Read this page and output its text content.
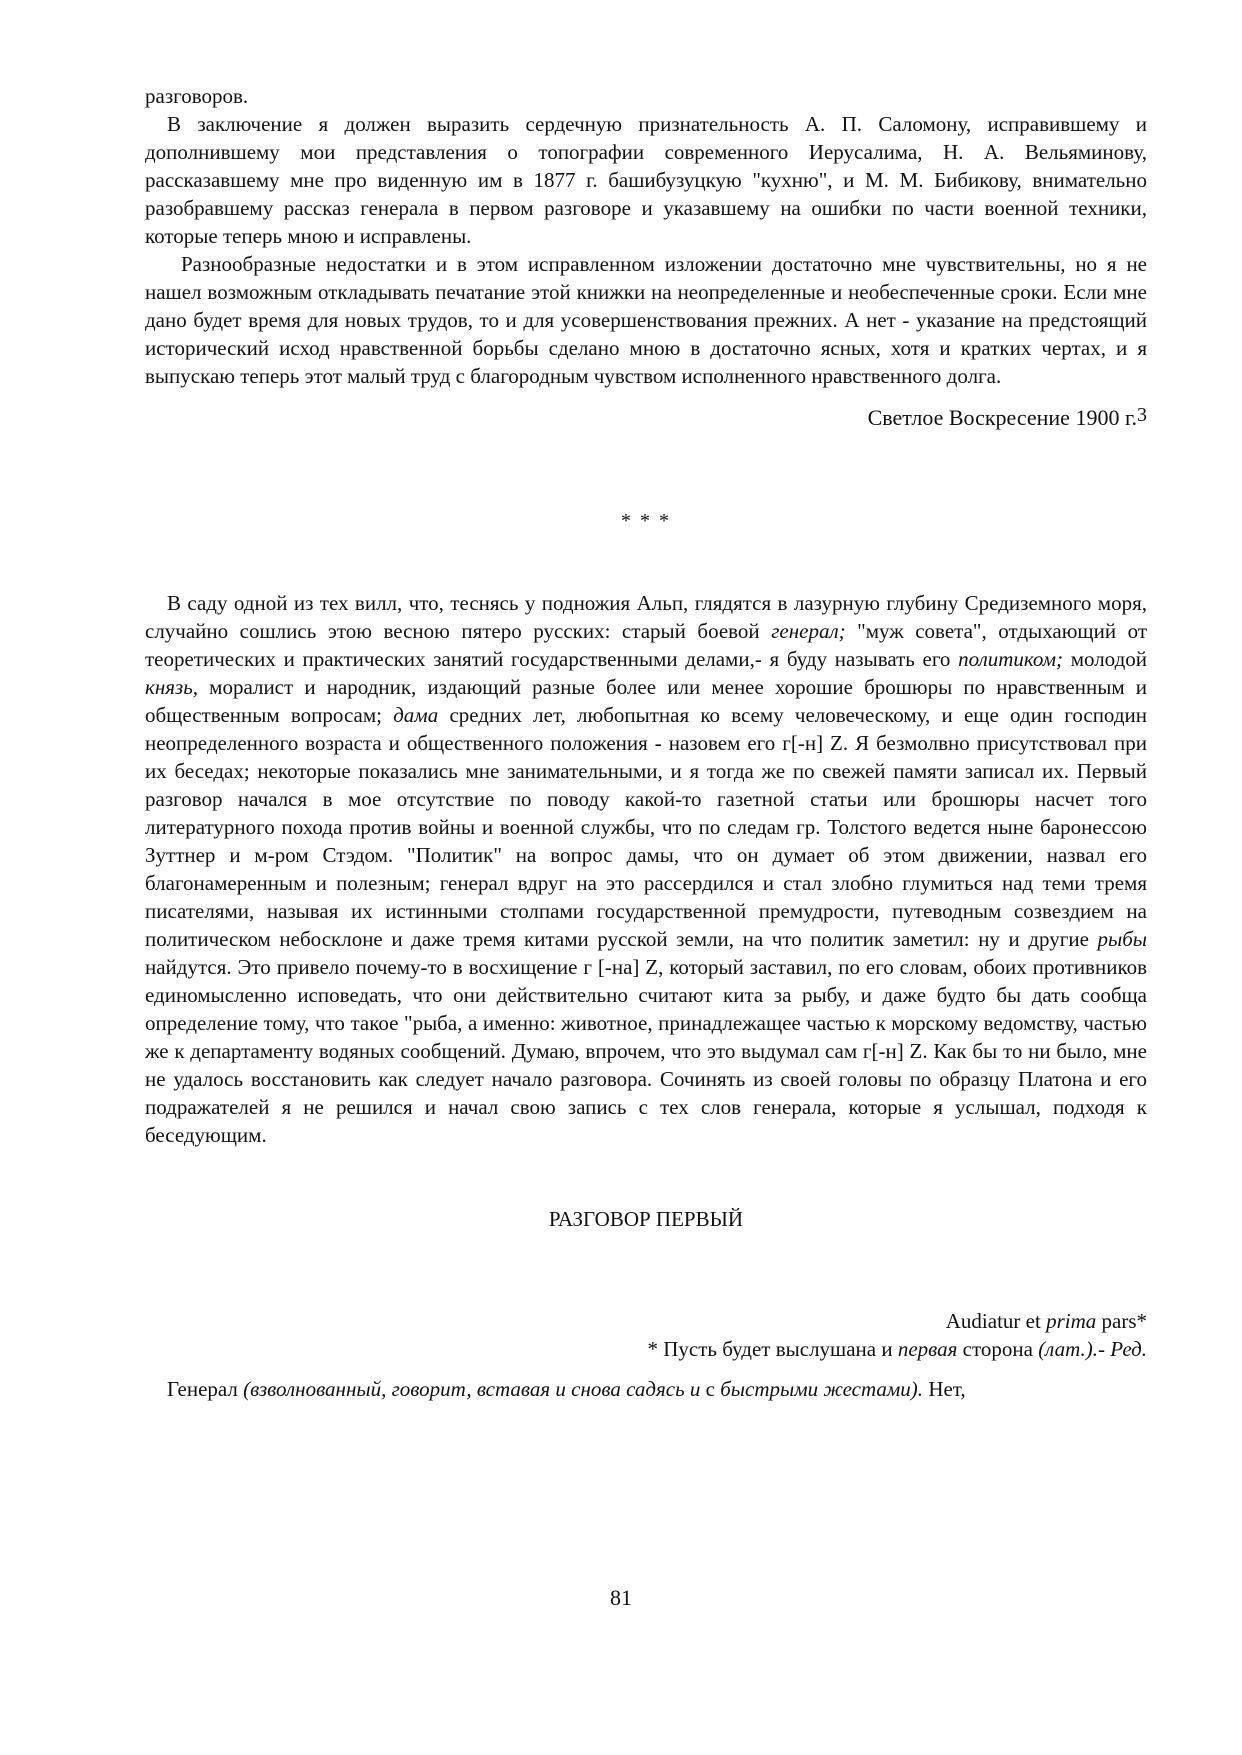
разговоров.

В заключение я должен выразить сердечную признательность А. П. Саломону, исправившему и дополнившему мои представления о топографии современного Иерусалима, Н. А. Вельяминову, рассказавшему мне про виденную им в 1877 г. башибузуцкую "кухню", и М. М. Бибикову, внимательно разобравшему рассказ генерала в первом разговоре и указавшему на ошибки по части военной техники, которые теперь мною и исправлены.

Разнообразные недостатки и в этом исправленном изложении достаточно мне чувствительны, но я не нашел возможным откладывать печатание этой книжки на неопределенные и необеспеченные сроки. Если мне дано будет время для новых трудов, то и для усовершенствования прежних. А нет - указание на предстоящий исторический исход нравственной борьбы сделано мною в достаточно ясных, хотя и кратких чертах, и я выпускаю теперь этот малый труд с благородным чувством исполненного нравственного долга.

Светлое Воскресение 1900 г.$^3$

* * *

В саду одной из тех вилл, что, теснясь у подножия Альп, глядятся в лазурную глубину Средиземного моря, случайно сошлись этою весною пятеро русских: старый боевой генерал; "муж совета", отдыхающий от теоретических и практических занятий государственными делами,- я буду называть его политиком; молодой князь, моралист и народник, издающий разные более или менее хорошие брошюры по нравственным и общественным вопросам; дама средних лет, любопытная ко всему человеческому, и еще один господин неопределенного возраста и общественного положения - назовем его г[-н] Z. Я безмолвно присутствовал при их беседах; некоторые показались мне занимательными, и я тогда же по свежей памяти записал их. Первый разговор начался в мое отсутствие по поводу какой-то газетной статьи или брошюры насчет того литературного похода против войны и военной службы, что по следам гр. Толстого ведется ныне баронессою Зуттнер и м-ром Стэдом. "Политик" на вопрос дамы, что он думает об этом движении, назвал его благонамеренным и полезным; генерал вдруг на это рассердился и стал злобно глумиться над теми тремя писателями, называя их истинными столпами государственной премудрости, путеводным созвездием на политическом небосклоне и даже тремя китами русской земли, на что политик заметил: ну и другие рыбы найдутся. Это привело почему-то в восхищение г [-на] Z, который заставил, по его словам, обоих противников единомысленно исповедать, что они действительно считают кита за рыбу, и даже будто бы дать сообща определение тому, что такое "рыба, а именно: животное, принадлежащее частью к морскому ведомству, частью же к департаменту водяных сообщений. Думаю, впрочем, что это выдумал сам г[-н] Z. Как бы то ни было, мне не удалось восстановить как следует начало разговора. Сочинять из своей головы по образцу Платона и его подражателей я не решился и начал свою запись с тех слов генерала, которые я услышал, подходя к беседующим.

РАЗГОВОР ПЕРВЫЙ

Audiatur et prima pars*

* Пусть будет выслушана и первая сторона (лат.).- Ред.

Генерал (взволнованный, говорит, вставая и снова садясь и с быстрыми жестами). Нет,

81
